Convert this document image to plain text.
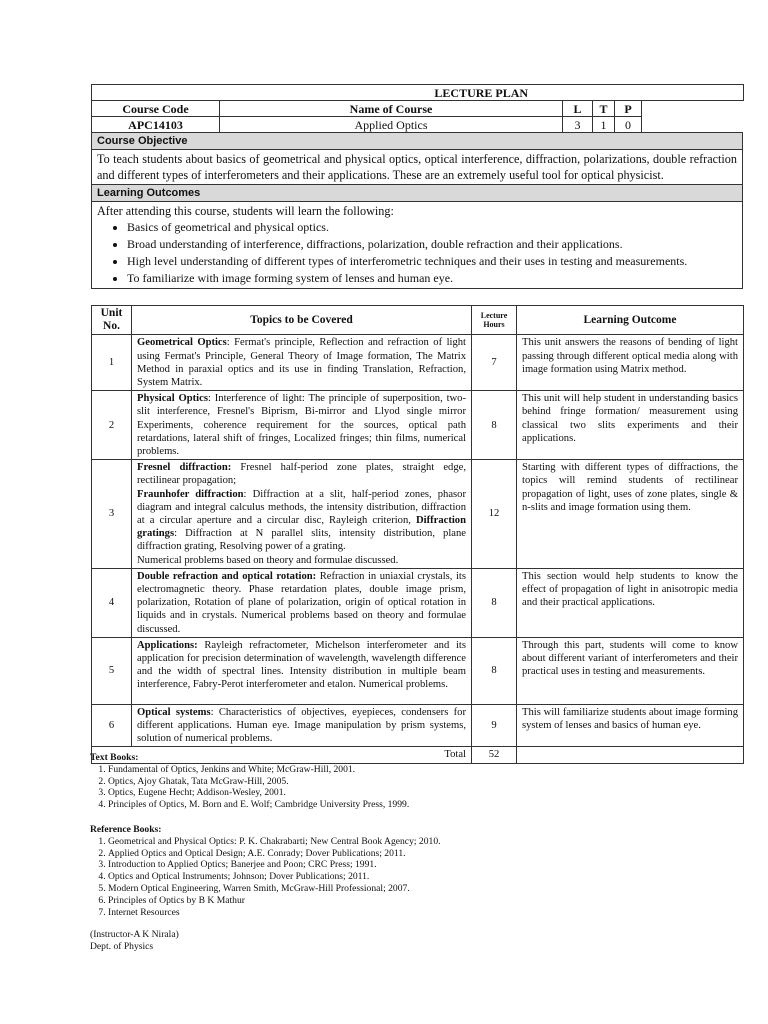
	LECTURE PLAN				
Course Code	Name of Course	L	T	P	
APC14103	Applied Optics	3	1	0	
Course Objective
To teach students about basics of geometrical and physical optics, optical interference, diffraction, polarizations, double refraction and different types of interferometers and their applications. These are an extremely useful tool for optical physicist.
Learning Outcomes

After attending this course, students will learn the following:
• Basics of geometrical and physical optics.
• Broad understanding of interference, diffractions, polarization, double refraction and their applications.
• High level understanding of different types of interferometric techniques and their uses in testing and measurements.
• To familiarize with image forming system of lenses and human eye.
Unit No.	Topics to be Covered	Lecture Hours	Learning Outcome
1	Geometrical Optics: Fermat's principle, Reflection and refraction of light using Fermat's Principle, General Theory of Image formation, The Matrix Method in paraxial optics and its use in finding Translation, Refraction, System Matrix.	7	This unit answers the reasons of bending of light passing through different optical media along with image formation using Matrix method.
2	Physical Optics: Interference of light: The principle of superposition, two-slit interference, Fresnel's Biprism, Bi-mirror and Llyod single mirror Experiments, coherence requirement for the sources, optical path retardations, lateral shift of fringes, Localized fringes; thin films, numerical problems.	8	This unit will help student in understanding basics behind fringe formation/ measurement using classical two slits experiments and their applications.
3	Fresnel diffraction: Fresnel half-period zone plates, straight edge, rectilinear propagation;
Fraunhofer diffraction: Diffraction at a slit, half-period zones, phasor diagram and integral calculus methods, the intensity distribution, diffraction at a circular aperture and a circular disc, Rayleigh criterion, Diffraction gratings: Diffraction at N parallel slits, intensity distribution, plane diffraction grating, Resolving power of a grating.
Numerical problems based on theory and formulae discussed.	12	Starting with different types of diffractions, the topics will remind students of rectilinear propagation of light, uses of zone plates, single & n-slits and image formation using them.
4	Double refraction and optical rotation: Refraction in uniaxial crystals, its electromagnetic theory. Phase retardation plates, double image prism, polarization, Rotation of plane of polarization, origin of optical rotation in liquids and in crystals. Numerical problems based on theory and formulae discussed.	8	This section would help students to know the effect of propagation of light in anisotropic media and their practical applications.
5	Applications: Rayleigh refractometer, Michelson interferometer and its application for precision determination of wavelength, wavelength difference and the width of spectral lines. Intensity distribution in multiple beam interference, Fabry-Perot interferometer and etalon. Numerical problems.	8	Through this part, students will come to know about different variant of interferometers and their practical uses in testing and measurements.
6	Optical systems: Characteristics of objectives, eyepieces, condensers for different applications. Human eye. Image manipulation by prism systems, solution of numerical problems.	9	This will familiarize students about image forming system of lenses and basics of human eye.
	Total	52	
Text Books:
1. Fundamental of Optics, Jenkins and White; McGraw-Hill, 2001.
2. Optics, Ajoy Ghatak, Tata McGraw-Hill, 2005.
3. Optics, Eugene Hecht; Addison-Wesley, 2001.
4. Principles of Optics, M. Born and E. Wolf; Cambridge University Press, 1999.
Reference Books:
1. Geometrical and Physical Optics: P. K. Chakrabarti; New Central Book Agency; 2010.
2. Applied Optics and Optical Design; A.E. Conrady; Dover Publications; 2011.
3. Introduction to Applied Optics; Banerjee and Poon; CRC Press; 1991.
4. Optics and Optical Instruments; Johnson; Dover Publications; 2011.
5. Modern Optical Engineering, Warren Smith, McGraw-Hill Professional; 2007.
6. Principles of Optics by B K Mathur
7. Internet Resources
(Instructor-A K Nirala)
Dept. of Physics
